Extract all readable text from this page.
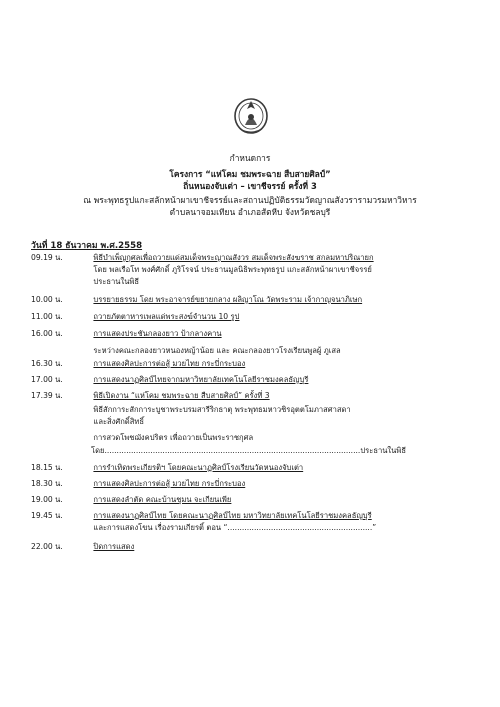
กำหนดการ
โครงการ “แห่โคม ชมพระฉาย สืบสายศิลป์”
ถิ่นหนองจับเต่า – เขาชีจรรย์ ครั้งที่ 3
ณ พระพุทธรูปแกะสลักหน้าผาเขาชีจรรย์และสถานปฏิบัติธรรมวัดญาณสังวรารามวรมหาวิหาร
ตำบลนาจอมเทียน อำเภอสัตหีบ จังหวัดชลบุรี
วันที่ 18 ธันวาคม พ.ศ.2558
09.19 น.	พิธีบำเพ็ญกุศลเพื่อถวายแด่สมเด็จพระญาณสังวร สมเด็จพระสังฆราช สกลมหาปริณายก
โดย พลเรือโท พงศ์ศักดิ์ ภูริโรจน์ ประธานมูลนิธิพระพุทธรูป แกะสลักหน้าผาเขาชีจรรย์
ประธานในพิธี
10.00 น.	บรรยายธรรม โดย พระอาจารย์ขยายกลาง ผลิญาโณ วัดพระราม เจ้ากาญจนาภิเษก
11.00 น.	ถวายภัตตาหารเพลแด่พระสงฆ์จำนวน 10 รูป
16.00 น.	การแสดงประชันกลองยาว ป้ากลางคาน
ระหว่างคณะกลองยาวหนองหญ้าน้อย และ คณะกลองยาวโรงเรียนพูลผู้ ภูเสล
16.30 น.	การแสดงศิลปะการต่อสู้ มวยไทย กระบี่กระบอง
17.00 น.	การแสดงนาฏศิลป์ไทยจากมหาวิทยาลัยเทคโนโลยีราชมงคลธัญบุรี
17.39 น.	พิธีเปิดงาน “แห่โคม ชมพระฉาย สืบสายศิลป์” ครั้งที่ 3
พิธีสักการะสักการะบูชาพระบรมสารีริกธาตุ พระพุทธมหาวชิรอุตตโมภาสศาสดา
และสิ่งศักดิ์สิทธิ์
การสวดโพชฌังคปริตร เพื่อถวายเป็นพระราชกุศล
โดย..........................................................................................................ประธานในพิธี
18.15 น.	การรำเทิดพระเกียรติฯ โดยคณะนาฏศิลป์โรงเรียนวัดหนองจับเต่า
18.30 น.	การแสดงศิลปะการต่อสู้ มวยไทย กระบี่กระบอง
19.00 น.	การแสดงลำตัด คณะบ้านชุมน จะเกียนเพีย
19.45 น.	การแสดงนาฏศิลป์ไทย โดยคณะนาฏศิลป์ไทย มหาวิทยาลัยเทคโนโลยีราชมงคลธัญบุรี
และการแสดงโขน เรื่องรามเกียรติ์ ตอน “............................................................”
22.00 น.	ปิดการแสดง
